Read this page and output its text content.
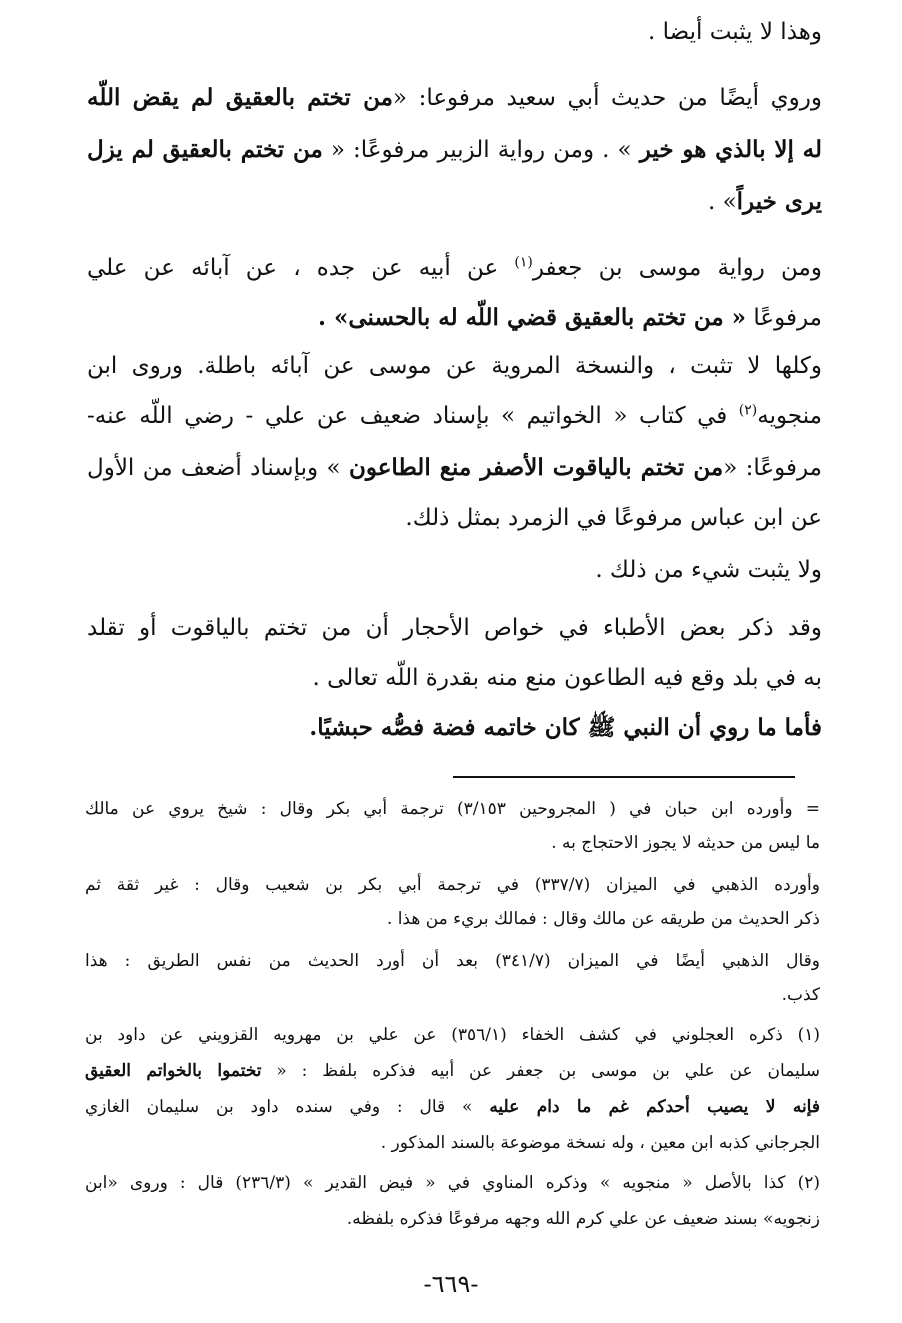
وهذا لا يثبت أيضا .
وروي أيضًا من حديث أبي سعيد مرفوعا: «من تختم بالعقيق لم يقض اللّه
له إلا بالذي هو خير » . ومن رواية الزبير مرفوعًا: « من تختم بالعقيق لم يزل
يرى خيراً» .
ومن رواية موسى بن جعفر$^{(١)}$ عن أبيه عن جده ، عن آبائه عن علي
مرفوعًا « من تختم بالعقيق قضي اللّه له بالحسنى» .
وكلها لا تثبت ، والنسخة المروية عن موسى عن آبائه باطلة. وروى ابن
منجويه$^{(٢)}$ في كتاب « الخواتيم » بإسناد ضعيف عن علي - رضي اللّه عنه-
مرفوعًا: «من تختم بالياقوت الأصفر منع الطاعون » وبإسناد أضعف من الأول
عن ابن عباس مرفوعًا في الزمرد بمثل ذلك.
ولا يثبت شيء من ذلك .
وقد ذكر بعض الأطباء في خواص الأحجار أن من تختم بالياقوت أو تقلد
به في بلد وقع فيه الطاعون منع منه بقدرة اللّه تعالى .
فأما ما روي أن النبي ﷺ كان خاتمه فضة فصُّه حبشيًا.
= وأورده ابن حبان في ( المجروحين ٣/١٥٣) ترجمة أبي بكر وقال : شيخ يروي عن مالك
ما ليس من حديثه لا يجوز الاحتجاج به .
وأورده الذهبي في الميزان (٣٣٧/٧) في ترجمة أبي بكر بن شعيب وقال : غير ثقة ثم
ذكر الحديث من طريقه عن مالك وقال : فمالك بريء من هذا .
وقال الذهبي أيضًا في الميزان (٣٤١/٧) بعد أن أورد الحديث من نفس الطريق : هذا
كذب.
(١) ذكره العجلوني في كشف الخفاء (٣٥٦/١) عن علي بن مهرويه القزويني عن داود بن
سليمان عن علي بن موسى بن جعفر عن أبيه فذكره بلفظ : « تختموا بالخواتم العقيق
فإنه لا يصيب أحدكم غم ما دام عليه » قال : وفي سنده داود بن سليمان الغازي
الجرجاني كذبه ابن معين ، وله نسخة موضوعة بالسند المذكور .
(٢) كذا بالأصل « منجويه » وذكره المناوي في « فيض القدير » (٢٣٦/٣) قال : وروى «ابن
زنجويه» بسند ضعيف عن علي كرم الله وجهه مرفوعًا فذكره بلفظه.
-٦٦٩-
